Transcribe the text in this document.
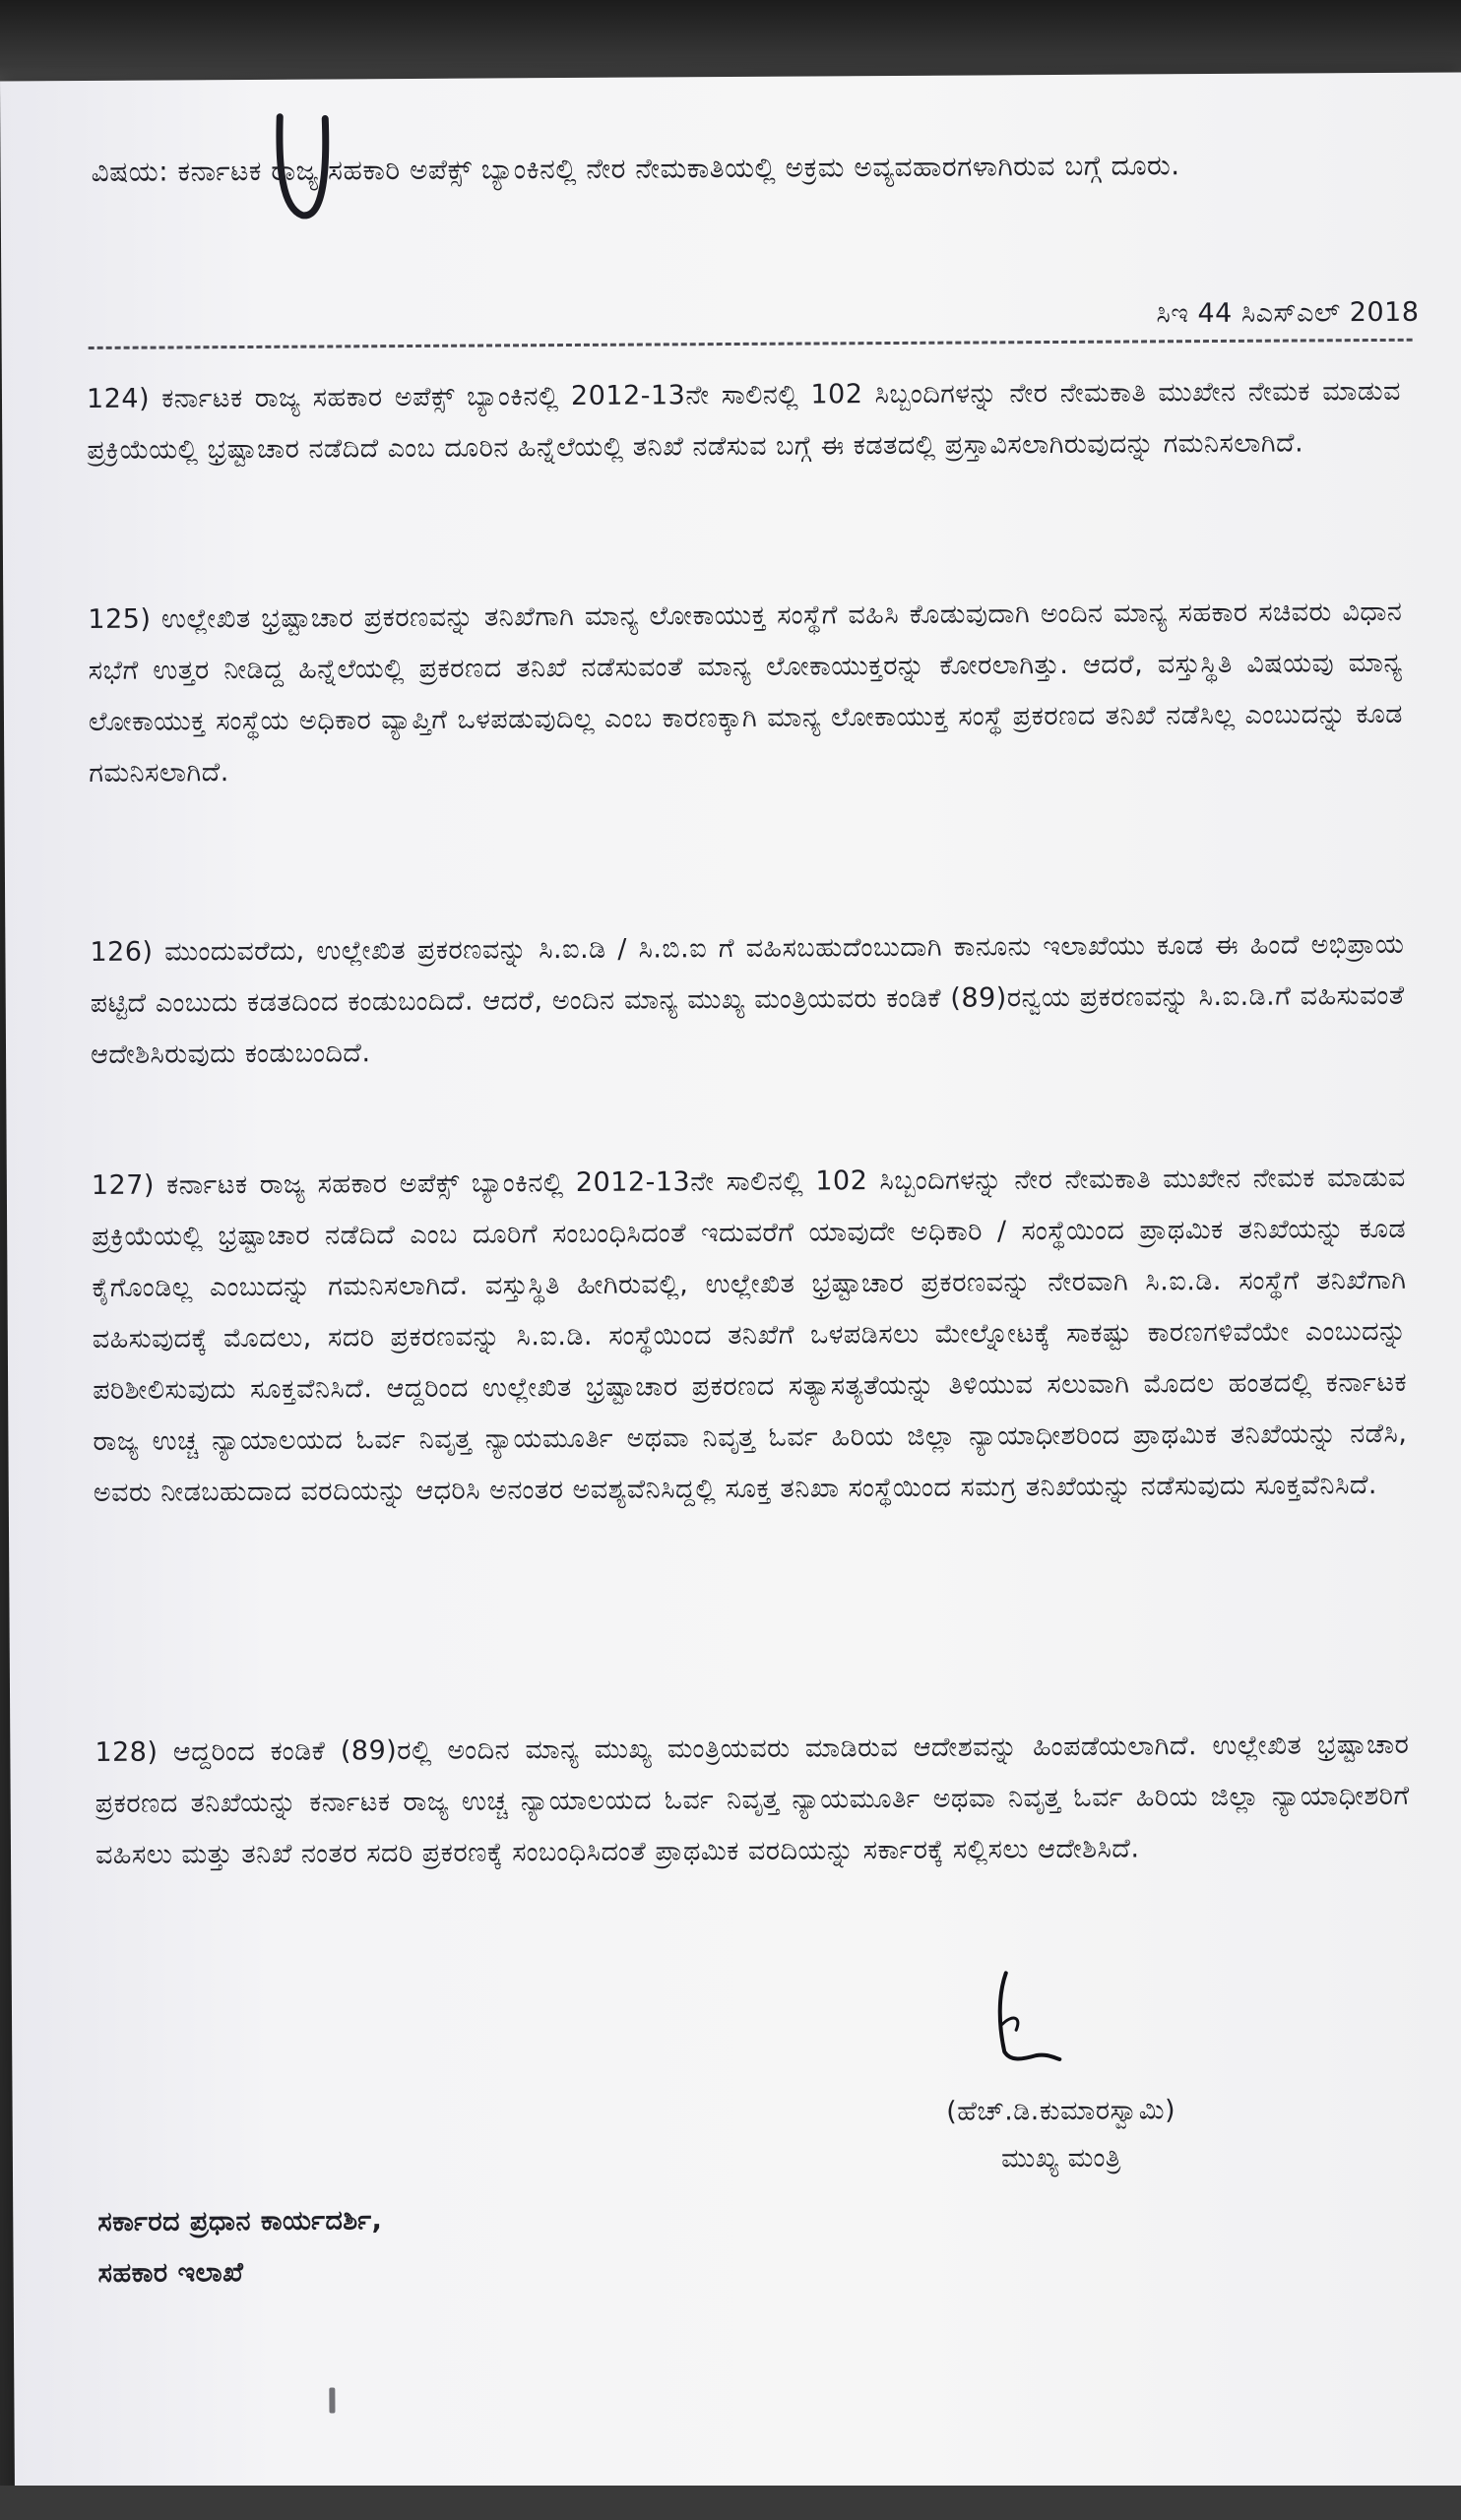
ವಿಷಯ: ಕರ್ನಾಟಕ ರಾಜ್ಯ ಸಹಕಾರಿ ಅಪೆಕ್ಸ್ ಬ್ಯಾಂಕಿನಲ್ಲಿ ನೇರ ನೇಮಕಾತಿಯಲ್ಲಿ ಅಕ್ರಮ ಅವ್ಯವಹಾರಗಳಾಗಿರುವ ಬಗ್ಗೆ ದೂರು.
ಸಿಇ 44 ಸಿಎಸ್‌ಎಲ್ 2018
124) ಕರ್ನಾಟಕ ರಾಜ್ಯ ಸಹಕಾರ ಅಪೆಕ್ಸ್ ಬ್ಯಾಂಕಿನಲ್ಲಿ 2012-13ನೇ ಸಾಲಿನಲ್ಲಿ 102 ಸಿಬ್ಬಂದಿಗಳನ್ನು ನೇರ ನೇಮಕಾತಿ ಮುಖೇನ ನೇಮಕ ಮಾಡುವ ಪ್ರಕ್ರಿಯೆಯಲ್ಲಿ ಭ್ರಷ್ಟಾಚಾರ ನಡೆದಿದೆ ಎಂಬ ದೂರಿನ ಹಿನ್ನೆಲೆಯಲ್ಲಿ ತನಿಖೆ ನಡೆಸುವ ಬಗ್ಗೆ ಈ ಕಡತದಲ್ಲಿ ಪ್ರಸ್ತಾವಿಸಲಾಗಿರುವುದನ್ನು ಗಮನಿಸಲಾಗಿದೆ.
125) ಉಲ್ಲೇಖಿತ ಭ್ರಷ್ಟಾಚಾರ ಪ್ರಕರಣವನ್ನು ತನಿಖೆಗಾಗಿ ಮಾನ್ಯ ಲೋಕಾಯುಕ್ತ ಸಂಸ್ಥೆಗೆ ವಹಿಸಿ ಕೊಡುವುದಾಗಿ ಅಂದಿನ ಮಾನ್ಯ ಸಹಕಾರ ಸಚಿವರು ವಿಧಾನ ಸಭೆಗೆ ಉತ್ತರ ನೀಡಿದ್ದ ಹಿನ್ನೆಲೆಯಲ್ಲಿ ಪ್ರಕರಣದ ತನಿಖೆ ನಡೆಸುವಂತೆ ಮಾನ್ಯ ಲೋಕಾಯುಕ್ತರನ್ನು ಕೋರಲಾಗಿತ್ತು. ಆದರೆ, ವಸ್ತುಸ್ಥಿತಿ ವಿಷಯವು ಮಾನ್ಯ ಲೋಕಾಯುಕ್ತ ಸಂಸ್ಥೆಯ ಅಧಿಕಾರ ವ್ಯಾಪ್ತಿಗೆ ಒಳಪಡುವುದಿಲ್ಲ ಎಂಬ ಕಾರಣಕ್ಕಾಗಿ ಮಾನ್ಯ ಲೋಕಾಯುಕ್ತ ಸಂಸ್ಥೆ ಪ್ರಕರಣದ ತನಿಖೆ ನಡೆಸಿಲ್ಲ ಎಂಬುದನ್ನು ಕೂಡ ಗಮನಿಸಲಾಗಿದೆ.
126) ಮುಂದುವರೆದು, ಉಲ್ಲೇಖಿತ ಪ್ರಕರಣವನ್ನು ಸಿ.ಐ.ಡಿ / ಸಿ.ಬಿ.ಐ ಗೆ ವಹಿಸಬಹುದೆಂಬುದಾಗಿ ಕಾನೂನು ಇಲಾಖೆಯು ಕೂಡ ಈ ಹಿಂದೆ ಅಭಿಪ್ರಾಯ ಪಟ್ಟಿದೆ ಎಂಬುದು ಕಡತದಿಂದ ಕಂಡುಬಂದಿದೆ. ಆದರೆ, ಅಂದಿನ ಮಾನ್ಯ ಮುಖ್ಯ ಮಂತ್ರಿಯವರು ಕಂಡಿಕೆ (89)ರನ್ವಯ ಪ್ರಕರಣವನ್ನು ಸಿ.ಐ.ಡಿ.ಗೆ ವಹಿಸುವಂತೆ ಆದೇಶಿಸಿರುವುದು ಕಂಡುಬಂದಿದೆ.
127) ಕರ್ನಾಟಕ ರಾಜ್ಯ ಸಹಕಾರ ಅಪೆಕ್ಸ್ ಬ್ಯಾಂಕಿನಲ್ಲಿ 2012-13ನೇ ಸಾಲಿನಲ್ಲಿ 102 ಸಿಬ್ಬಂದಿಗಳನ್ನು ನೇರ ನೇಮಕಾತಿ ಮುಖೇನ ನೇಮಕ ಮಾಡುವ ಪ್ರಕ್ರಿಯೆಯಲ್ಲಿ ಭ್ರಷ್ಟಾಚಾರ ನಡೆದಿದೆ ಎಂಬ ದೂರಿಗೆ ಸಂಬಂಧಿಸಿದಂತೆ ಇದುವರೆಗೆ ಯಾವುದೇ ಅಧಿಕಾರಿ / ಸಂಸ್ಥೆಯಿಂದ ಪ್ರಾಥಮಿಕ ತನಿಖೆಯನ್ನು ಕೂಡ ಕೈಗೊಂಡಿಲ್ಲ ಎಂಬುದನ್ನು ಗಮನಿಸಲಾಗಿದೆ. ವಸ್ತುಸ್ಥಿತಿ ಹೀಗಿರುವಲ್ಲಿ, ಉಲ್ಲೇಖಿತ ಭ್ರಷ್ಟಾಚಾರ ಪ್ರಕರಣವನ್ನು ನೇರವಾಗಿ ಸಿ.ಐ.ಡಿ. ಸಂಸ್ಥೆಗೆ ತನಿಖೆಗಾಗಿ ವಹಿಸುವುದಕ್ಕೆ ಮೊದಲು, ಸದರಿ ಪ್ರಕರಣವನ್ನು ಸಿ.ಐ.ಡಿ. ಸಂಸ್ಥೆಯಿಂದ ತನಿಖೆಗೆ ಒಳಪಡಿಸಲು ಮೇಲ್ನೋಟಕ್ಕೆ ಸಾಕಷ್ಟು ಕಾರಣಗಳಿವೆಯೇ ಎಂಬುದನ್ನು ಪರಿಶೀಲಿಸುವುದು ಸೂಕ್ತವೆನಿಸಿದೆ. ಆದ್ದರಿಂದ ಉಲ್ಲೇಖಿತ ಭ್ರಷ್ಟಾಚಾರ ಪ್ರಕರಣದ ಸತ್ಯಾಸತ್ಯತೆಯನ್ನು ತಿಳಿಯುವ ಸಲುವಾಗಿ ಮೊದಲ ಹಂತದಲ್ಲಿ ಕರ್ನಾಟಕ ರಾಜ್ಯ ಉಚ್ಚ ನ್ಯಾಯಾಲಯದ ಓರ್ವ ನಿವೃತ್ತ ನ್ಯಾಯಮೂರ್ತಿ ಅಥವಾ ನಿವೃತ್ತ ಓರ್ವ ಹಿರಿಯ ಜಿಲ್ಲಾ ನ್ಯಾಯಾಧೀಶರಿಂದ ಪ್ರಾಥಮಿಕ ತನಿಖೆಯನ್ನು ನಡೆಸಿ, ಅವರು ನೀಡಬಹುದಾದ ವರದಿಯನ್ನು ಆಧರಿಸಿ ಅನಂತರ ಅವಶ್ಯವೆನಿಸಿದ್ದಲ್ಲಿ ಸೂಕ್ತ ತನಿಖಾ ಸಂಸ್ಥೆಯಿಂದ ಸಮಗ್ರ ತನಿಖೆಯನ್ನು ನಡೆಸುವುದು ಸೂಕ್ತವೆನಿಸಿದೆ.
128) ಆದ್ದರಿಂದ ಕಂಡಿಕೆ (89)ರಲ್ಲಿ ಅಂದಿನ ಮಾನ್ಯ ಮುಖ್ಯ ಮಂತ್ರಿಯವರು ಮಾಡಿರುವ ಆದೇಶವನ್ನು ಹಿಂಪಡೆಯಲಾಗಿದೆ. ಉಲ್ಲೇಖಿತ ಭ್ರಷ್ಟಾಚಾರ ಪ್ರಕರಣದ ತನಿಖೆಯನ್ನು ಕರ್ನಾಟಕ ರಾಜ್ಯ ಉಚ್ಚ ನ್ಯಾಯಾಲಯದ ಓರ್ವ ನಿವೃತ್ತ ನ್ಯಾಯಮೂರ್ತಿ ಅಥವಾ ನಿವೃತ್ತ ಓರ್ವ ಹಿರಿಯ ಜಿಲ್ಲಾ ನ್ಯಾಯಾಧೀಶರಿಗೆ ವಹಿಸಲು ಮತ್ತು ತನಿಖೆ ನಂತರ ಸದರಿ ಪ್ರಕರಣಕ್ಕೆ ಸಂಬಂಧಿಸಿದಂತೆ ಪ್ರಾಥಮಿಕ ವರದಿಯನ್ನು ಸರ್ಕಾರಕ್ಕೆ ಸಲ್ಲಿಸಲು ಆದೇಶಿಸಿದೆ.
(ಹೆಚ್.ಡಿ.ಕುಮಾರಸ್ವಾಮಿ)
ಮುಖ್ಯ ಮಂತ್ರಿ
ಸರ್ಕಾರದ ಪ್ರಧಾನ ಕಾರ್ಯದರ್ಶಿ,
ಸಹಕಾರ ಇಲಾಖೆ
